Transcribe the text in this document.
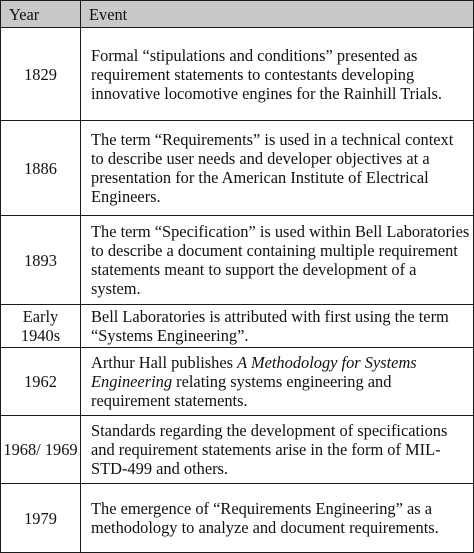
Year	Event
1829	Formal “stipulations and conditions” presented as requirement statements to contestants developing innovative locomotive engines for the Rainhill Trials.
1886	The term “Requirements” is used in a technical context to describe user needs and developer objectives at a presentation for the American Institute of Electrical Engineers.
1893	The term “Specification” is used within Bell Laboratories to describe a document containing multiple requirement statements meant to support the development of a system.
Early 1940s	Bell Laboratories is attributed with first using the term “Systems Engineering”.
1962	Arthur Hall publishes A Methodology for Systems Engineering relating systems engineering and requirement statements.
1968/ 1969	Standards regarding the development of specifications and requirement statements arise in the form of MIL-STD-499 and others.
1979	The emergence of “Requirements Engineering” as a methodology to analyze and document requirements.
